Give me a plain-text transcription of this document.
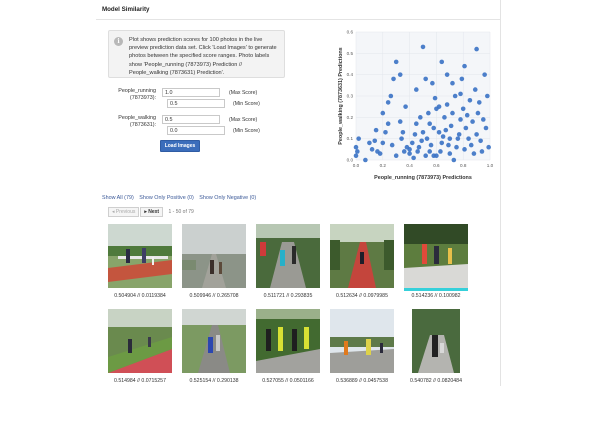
Model Similarity
i	Plot shows prediction scores for 100 photos in the live
preview prediction data set. Click 'Load Images' to generate
photos between the specified score ranges. Photo labels
show 'People_running (7873973) Prediction //
People_walking (7873631) Prediction'.
People_running
(7873973):
1.0	(Max Score)
0.5	(Min Score)
People_walking
(7873631):
0.5	(Max Score)
0.0	(Min Score)
Load Images
0.0	0.2	0.4	0.6	0.8	1.0
0.0
0.1
0.2
0.3
0.4
0.5
0.6
People_running (7873973) Predictions
People_walking (7873631) Predictions
Show All (79) Show Only Positive (0) Show Only Negative (0)
◂ Previous ▸ Next 1 - 50 of 79
0.504904 // 0.0119384	0.509946 // 0.265708	0.511721 // 0.293835	0.512634 // 0.0979985	0.514236 // 0.100982
0.514984 // 0.0715257	0.525154 // 0.290138	0.527055 // 0.0501166	0.536889 // 0.0457538	0.540782 // 0.0820484
